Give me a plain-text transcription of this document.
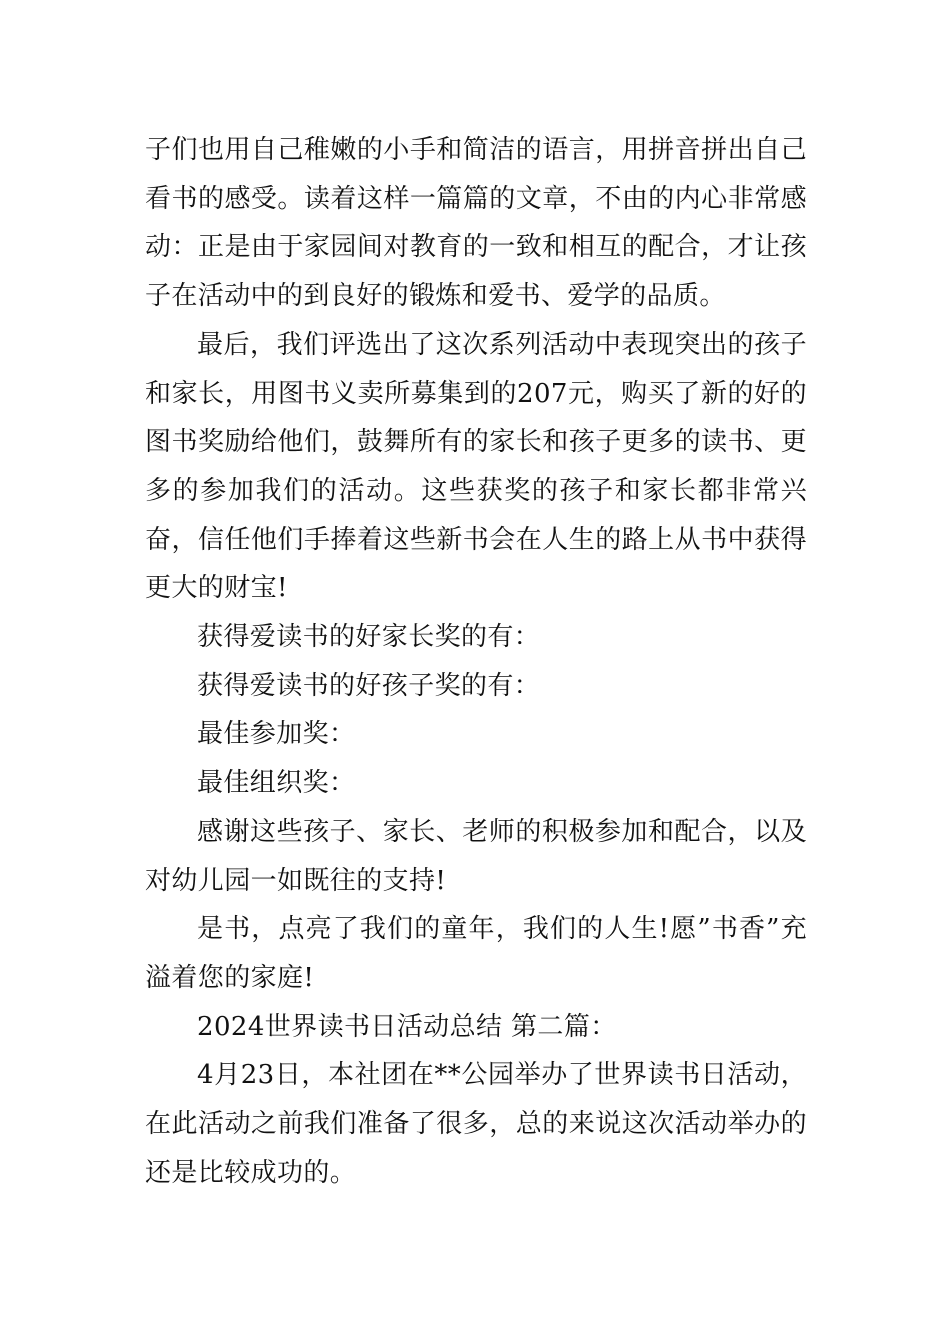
子们也用自己稚嫩的小手和简洁的语言，用拼音拼出自己看书的感受。读着这样一篇篇的文章，不由的内心非常感动：正是由于家园间对教育的一致和相互的配合，才让孩子在活动中的到良好的锻炼和爱书、爱学的品质。

最后，我们评选出了这次系列活动中表现突出的孩子和家长，用图书义卖所募集到的207元，购买了新的好的图书奖励给他们，鼓舞所有的家长和孩子更多的读书、更多的参加我们的活动。这些获奖的孩子和家长都非常兴奋，信任他们手捧着这些新书会在人生的路上从书中获得更大的财宝!

获得爱读书的好家长奖的有：

获得爱读书的好孩子奖的有：

最佳参加奖：

最佳组织奖：

感谢这些孩子、家长、老师的积极参加和配合，以及对幼儿园一如既往的支持!

是书，点亮了我们的童年，我们的人生!愿”书香”充溢着您的家庭!

2024世界读书日活动总结 第二篇：

4月23日，本社团在**公园举办了世界读书日活动，在此活动之前我们准备了很多，总的来说这次活动举办的还是比较成功的。
